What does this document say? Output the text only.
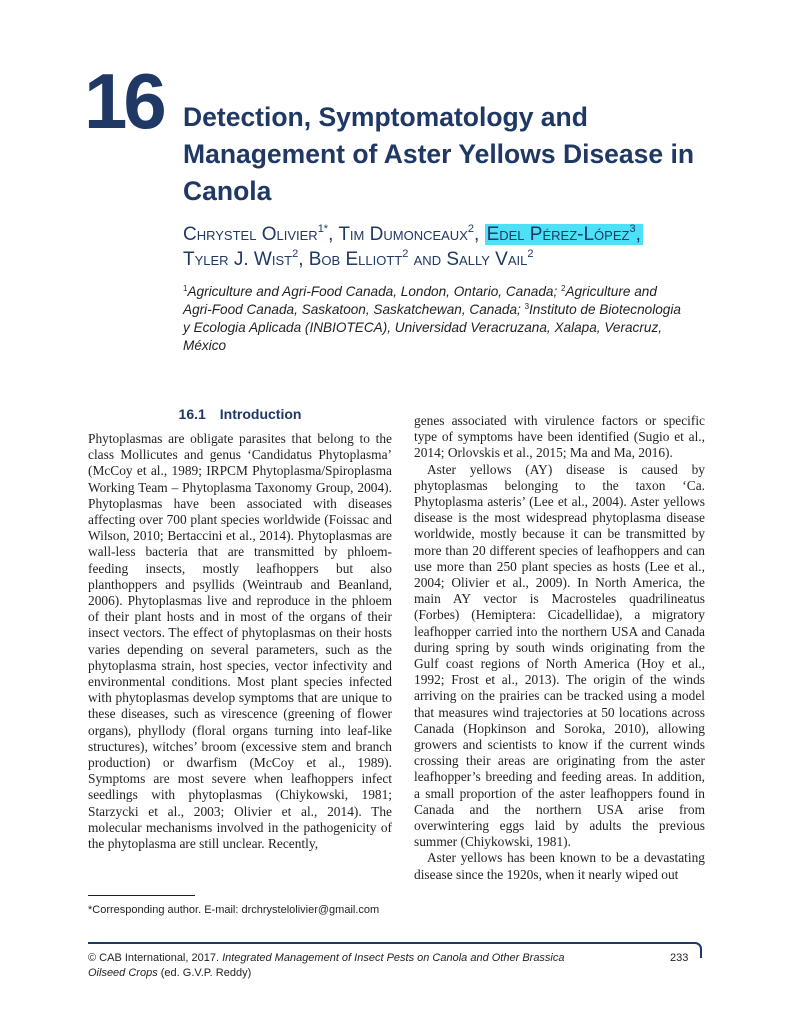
16 Detection, Symptomatology and Management of Aster Yellows Disease in Canola
Chrystel Olivier$^{1*}$, Tim Dumonceaux$^2$, Edel Pérez-López$^3$,
Tyler J. Wist$^2$, Bob Elliott$^2$ and Sally Vail$^2$
$^1$Agriculture and Agri-Food Canada, London, Ontario, Canada; $^2$Agriculture and Agri-Food Canada, Saskatoon, Saskatchewan, Canada; $^3$Instituto de Biotecnologia y Ecologia Aplicada (INBIOTECA), Universidad Veracruzana, Xalapa, Veracruz, México
16.1 Introduction

Phytoplasmas are obligate parasites that belong to the class Mollicutes and genus ‘Candidatus Phytoplasma’ (McCoy et al., 1989; IRPCM Phytoplasma/Spiroplasma Working Team – Phytoplasma Taxonomy Group, 2004). Phytoplasmas have been associated with diseases affecting over 700 plant species worldwide (Foissac and Wilson, 2010; Bertaccini et al., 2014). Phytoplasmas are wall-less bacteria that are transmitted by phloem-feeding insects, mostly leafhoppers but also planthoppers and psyllids (Weintraub and Beanland, 2006). Phytoplasmas live and reproduce in the phloem of their plant hosts and in most of the organs of their insect vectors. The effect of phytoplasmas on their hosts varies depending on several parameters, such as the phytoplasma strain, host species, vector infectivity and environmental conditions. Most plant species infected with phytoplasmas develop symptoms that are unique to these diseases, such as virescence (greening of flower organs), phyllody (floral organs turning into leaf-like structures), witches’ broom (excessive stem and branch production) or dwarfism (McCoy et al., 1989). Symptoms are most severe when leafhoppers infect seedlings with phytoplasmas (Chiykowski, 1981; Starzycki et al., 2003; Olivier et al., 2014). The molecular mechanisms involved in the pathogenicity of the phytoplasma are still unclear. Recently,

genes associated with virulence factors or specific type of symptoms have been identified (Sugio et al., 2014; Orlovskis et al., 2015; Ma and Ma, 2016).

Aster yellows (AY) disease is caused by phytoplasmas belonging to the taxon ‘Ca. Phytoplasma asteris’ (Lee et al., 2004). Aster yellows disease is the most widespread phytoplasma disease worldwide, mostly because it can be transmitted by more than 20 different species of leafhoppers and can use more than 250 plant species as hosts (Lee et al., 2004; Olivier et al., 2009). In North America, the main AY vector is Macrosteles quadrilineatus (Forbes) (Hemiptera: Cicadellidae), a migratory leafhopper carried into the northern USA and Canada during spring by south winds originating from the Gulf coast regions of North America (Hoy et al., 1992; Frost et al., 2013). The origin of the winds arriving on the prairies can be tracked using a model that measures wind trajectories at 50 locations across Canada (Hopkinson and Soroka, 2010), allowing growers and scientists to know if the current winds crossing their areas are originating from the aster leafhopper’s breeding and feeding areas. In addition, a small proportion of the aster leafhoppers found in Canada and the northern USA arise from overwintering eggs laid by adults the previous summer (Chiykowski, 1981).

Aster yellows has been known to be a devastating disease since the 1920s, when it nearly wiped out

*Corresponding author. E-mail: drchrystelolivier@gmail.com
© CAB International, 2017. Integrated Management of Insect Pests on Canola and Other Brassica Oilseed Crops (ed. G.V.P. Reddy)
233
